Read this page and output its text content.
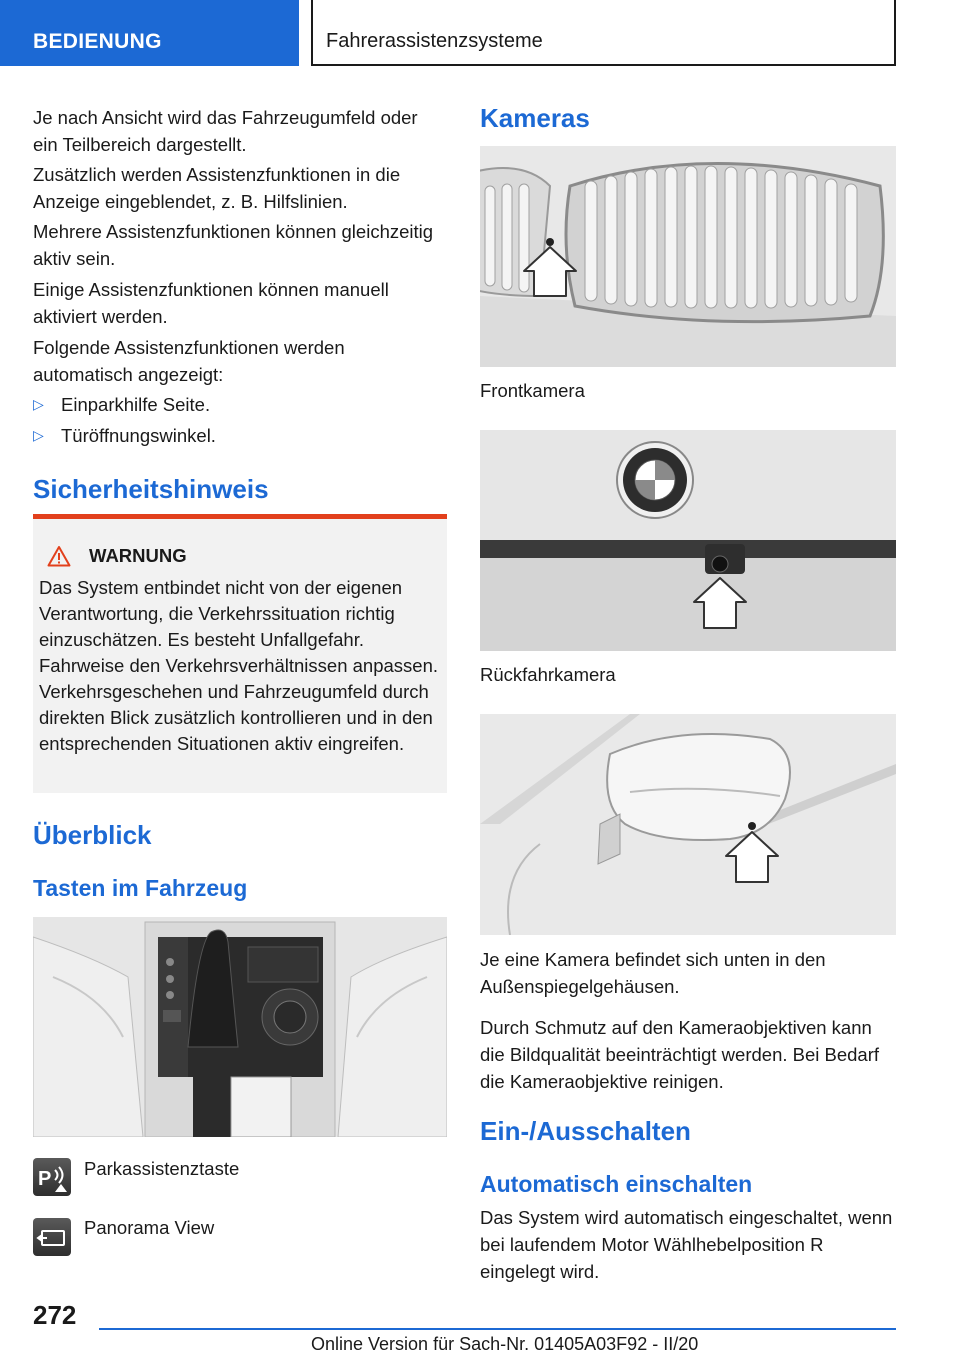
BEDIENUNG	Fahrerassistenzsysteme

Je nach Ansicht wird das Fahrzeugumfeld oder ein Teilbereich dargestellt.

Zusätzlich werden Assistenzfunktionen in die Anzeige eingeblendet, z. B. Hilfslinien.

Mehrere Assistenzfunktionen können gleichzeitig aktiv sein.

Einige Assistenzfunktionen können manuell aktiviert werden.

Folgende Assistenzfunktionen werden automatisch angezeigt:

▷ Einparkhilfe Seite.
▷ Türöffnungswinkel.
Sicherheitshinweis
WARNUNG
Das System entbindet nicht von der eigenen Verantwortung, die Verkehrssituation richtig einzuschätzen. Es besteht Unfallgefahr. Fahrweise den Verkehrsverhältnissen anpassen. Verkehrsgeschehen und Fahrzeugumfeld durch direkten Blick zusätzlich kontrollieren und in den entsprechenden Situationen aktiv eingreifen.
Überblick
Tasten im Fahrzeug
P Parkassistenztaste
Panorama View
Kameras
Frontkamera
Rückfahrkamera

Je eine Kamera befindet sich unten in den Außenspiegelgehäusen.

Durch Schmutz auf den Kameraobjektiven kann die Bildqualität beeinträchtigt werden. Bei Bedarf die Kameraobjektive reinigen.

Ein-/Ausschalten
Automatisch einschalten

Das System wird automatisch eingeschaltet, wenn bei laufendem Motor Wählhebelposition R eingelegt wird.

272
Online Version für Sach-Nr. 01405A03F92 - II/20
